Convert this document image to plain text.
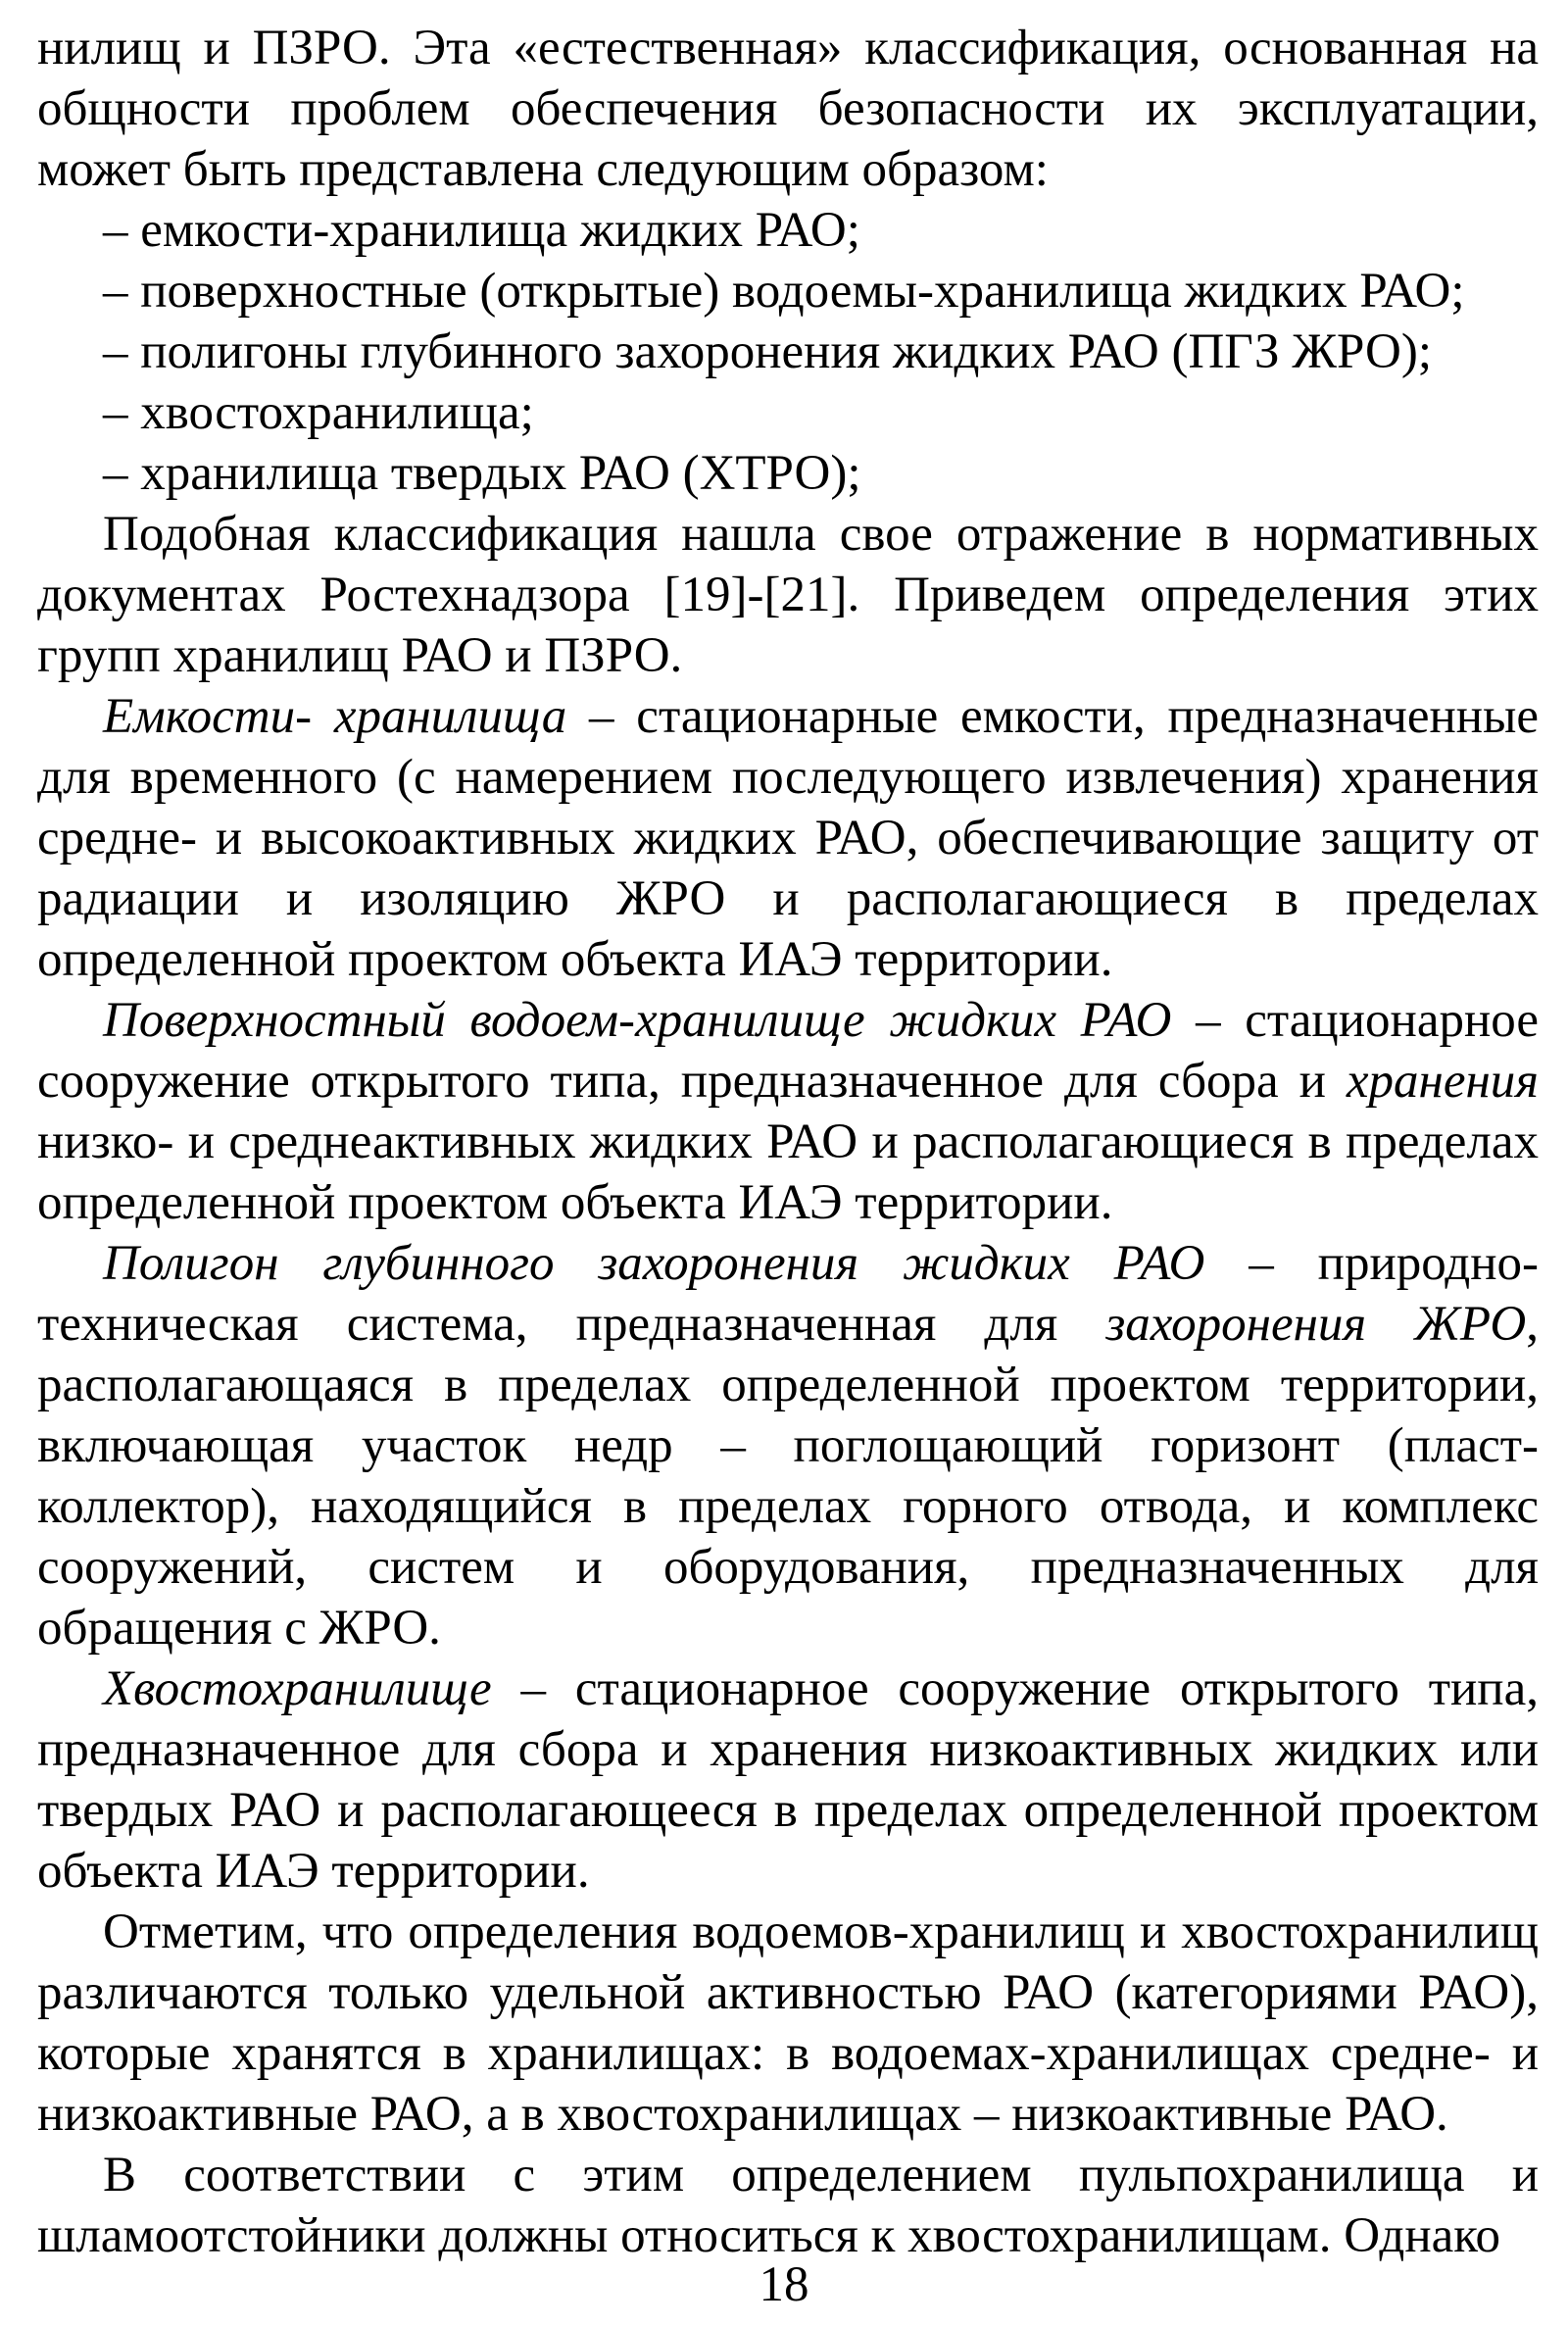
нилищ и ПЗРО. Эта «естественная» классификация, основанная на общности проблем обеспечения безопасности их эксплуатации, может быть представлена следующим образом:

– емкости-хранилища жидких РАО;
– поверхностные (открытые) водоемы-хранилища жидких РАО;
– полигоны глубинного захоронения жидких РАО (ПГЗ ЖРО);
– хвостохранилища;
– хранилища твердых РАО (ХТРО);

Подобная классификация нашла свое отражение в нормативных документах Ростехнадзора [19]-[21]. Приведем определения этих групп хранилищ РАО и ПЗРО.

Емкости- хранилища – стационарные емкости, предназначенные для временного (с намерением последующего извлечения) хранения средне- и высокоактивных жидких РАО, обеспечивающие защиту от радиации и изоляцию ЖРО и располагающиеся в пределах определенной проектом объекта ИАЭ территории.

Поверхностный водоем-хранилище жидких РАО – стационарное сооружение открытого типа, предназначенное для сбора и хранения низко- и среднеактивных жидких РАО и располагающиеся в пределах определенной проектом объекта ИАЭ территории.

Полигон глубинного захоронения жидких РАО – природно-техническая система, предназначенная для захоронения ЖРО, располагающаяся в пределах определенной проектом территории, включающая участок недр – поглощающий горизонт (пласт-коллектор), находящийся в пределах горного отвода, и комплекс сооружений, систем и оборудования, предназначенных для обращения с ЖРО.

Хвостохранилище – стационарное сооружение открытого типа, предназначенное для сбора и хранения низкоактивных жидких или твердых РАО и располагающееся в пределах определенной проектом объекта ИАЭ территории.

Отметим, что определения водоемов-хранилищ и хвостохранилищ различаются только удельной активностью РАО (категориями РАО), которые хранятся в хранилищах: в водоемах-хранилищах средне- и низкоактивные РАО, а в хвостохранилищах – низкоактивные РАО.

В соответствии с этим определением пульпохранилища и шламоотстойники должны относиться к хвостохранилищам. Однако

18
